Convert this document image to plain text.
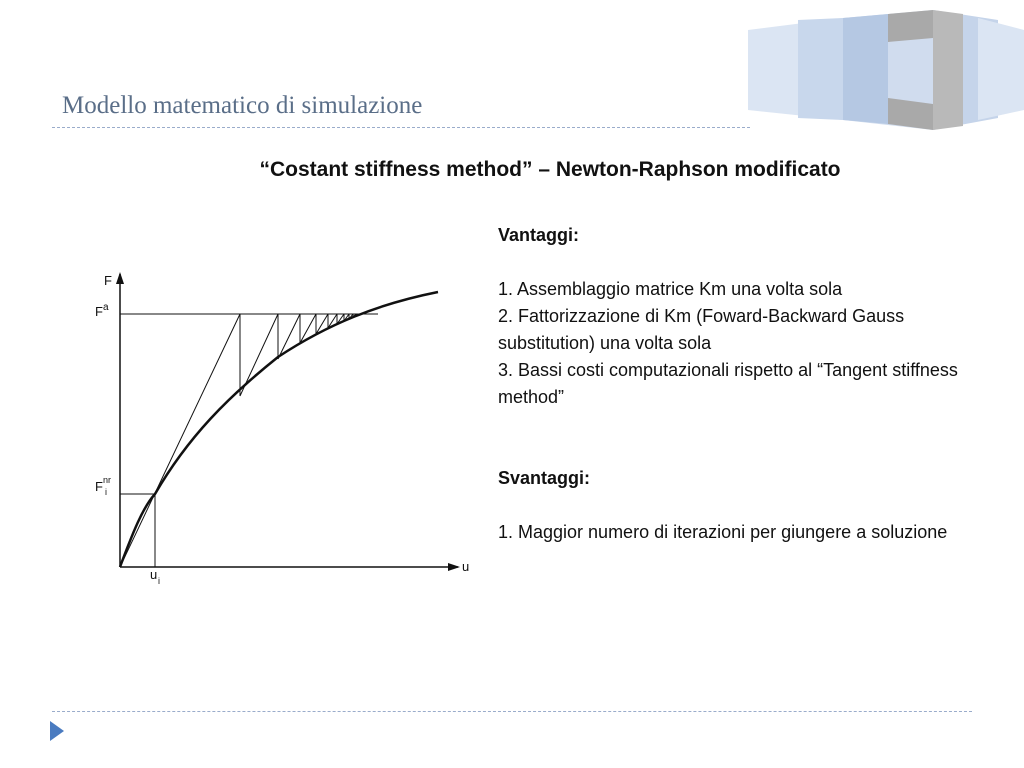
Modello matematico di simulazione
“Costant stiffness method” – Newton-Raphson modificato
F
u
$F^a$
$F^{nr}$
i
u i
Vantaggi:
1. Assemblaggio matrice Km una volta sola
2. Fattorizzazione di Km (Foward-Backward Gauss substitution) una volta sola
3. Bassi costi computazionali rispetto al “Tangent stiffness method”
Svantaggi:
1. Maggior numero di iterazioni per giungere a soluzione
